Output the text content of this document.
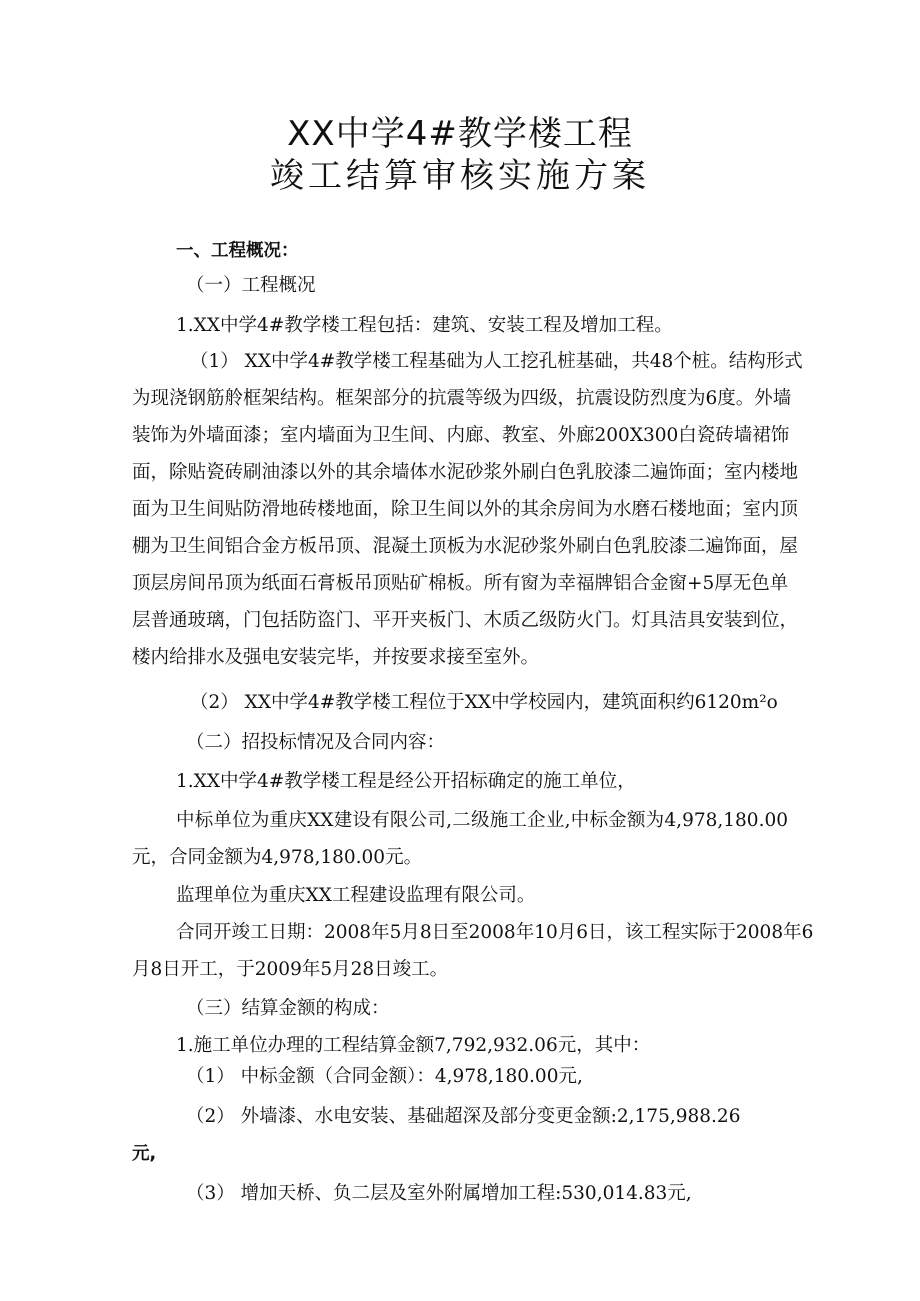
XX中学4#教学楼工程
竣工结算审核实施方案
一、工程概况：
（一）工程概况
1.XX中学4#教学楼工程包括：建筑、安装工程及增加工程。
（1） XX中学4#教学楼工程基础为人工挖孔桩基础，共48个桩。结构形式
为现浇钢筋舲框架结构。框架部分的抗震等级为四级，抗震设防烈度为6度。外墙
装饰为外墙面漆；室内墙面为卫生间、内廊、教室、外廊200X300白瓷砖墙裙饰
面，除贴瓷砖刷油漆以外的其余墙体水泥砂浆外刷白色乳胶漆二遍饰面；室内楼地
面为卫生间贴防滑地砖楼地面，除卫生间以外的其余房间为水磨石楼地面；室内顶
棚为卫生间铝合金方板吊顶、混凝土顶板为水泥砂浆外刷白色乳胶漆二遍饰面，屋
顶层房间吊顶为纸面石膏板吊顶贴矿棉板。所有窗为幸福牌铝合金窗+5厚无色单
层普通玻璃，门包括防盗门、平开夹板门、木质乙级防火门。灯具洁具安装到位，
楼内给排水及强电安装完毕，并按要求接至室外。
（2） XX中学4#教学楼工程位于XX中学校园内，建筑面积约6120m²o
（二）招投标情况及合同内容：
1.XX中学4#教学楼工程是经公开招标确定的施工单位，
中标单位为重庆XX建设有限公司,二级施工企业,中标金额为4,978,180.00
元，合同金额为4,978,180.00元。
监理单位为重庆XX工程建设监理有限公司。
合同开竣工日期：2008年5月8日至2008年10月6日，该工程实际于2008年6
月8日开工，于2009年5月28日竣工。
（三）结算金额的构成：
1.施工单位办理的工程结算金额7,792,932.06元，其中：
（1） 中标金额（合同金额）：4,978,180.00元,
（2） 外墙漆、水电安装、基础超深及部分变更金额:2,175,988.26
元,
（3） 增加天桥、负二层及室外附属增加工程:530,014.83元,
